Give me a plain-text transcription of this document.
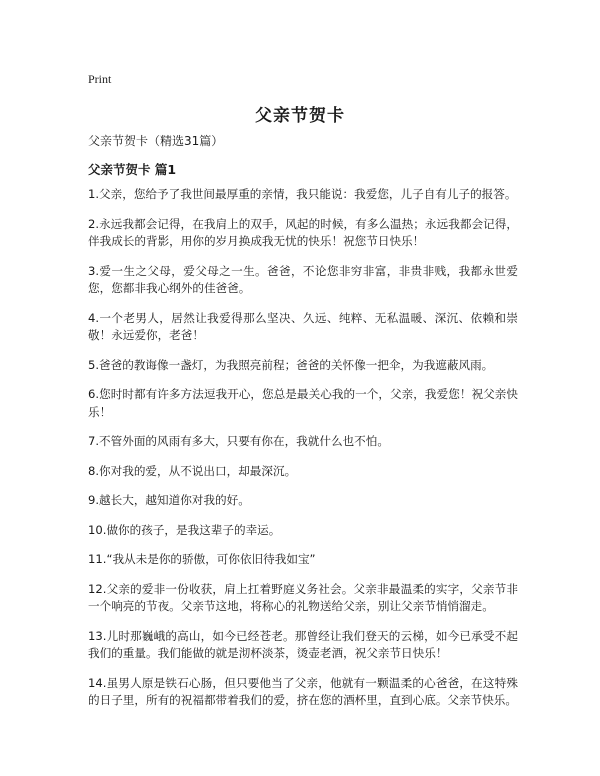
Print
父亲节贺卡
父亲节贺卡（精选31篇）
父亲节贺卡 篇1
1.父亲，您给予了我世间最厚重的亲情，我只能说：我爱您，儿子自有儿子的报答。
2.永远我都会记得，在我肩上的双手，风起的时候，有多么温热；永远我都会记得，伴我成长的背影，用你的岁月换成我无忧的快乐！祝您节日快乐！
3.爱一生之父母，爱父母之一生。爸爸，不论您非穷非富，非贵非贱，我都永世爱您，您都非我心纲外的佳爸爸。
4.一个老男人，居然让我爱得那么坚决、久远、纯粹、无私温暖、深沉、依赖和崇敬！永远爱你，老爸！
5.爸爸的教诲像一盏灯，为我照亮前程；爸爸的关怀像一把伞，为我遮蔽风雨。
6.您时时都有许多方法逗我开心，您总是最关心我的一个，父亲，我爱您！祝父亲快乐！
7.不管外面的风雨有多大，只要有你在，我就什么也不怕。
8.你对我的爱，从不说出口，却最深沉。
9.越长大，越知道你对我的好。
10.做你的孩子，是我这辈子的幸运。
11.“我从未是你的骄傲，可你依旧待我如宝”
12.父亲的爱非一份收获，肩上扛着野庭义务社会。父亲非最温柔的实字，父亲节非一个响亮的节夜。父亲节这地，将称心的礼物送给父亲，别让父亲节悄悄溜走。
13.儿时那巍峨的高山，如今已经苍老。那曾经让我们登天的云梯，如今已承受不起我们的重量。我们能做的就是沏杯淡茶，烫壶老酒，祝父亲节日快乐！
14.虽男人原是铁石心肠，但只要他当了父亲，他就有一颗温柔的心爸爸，在这特殊的日子里，所有的祝福都带着我们的爱，挤在您的酒杯里，直到心底。父亲节快乐。
